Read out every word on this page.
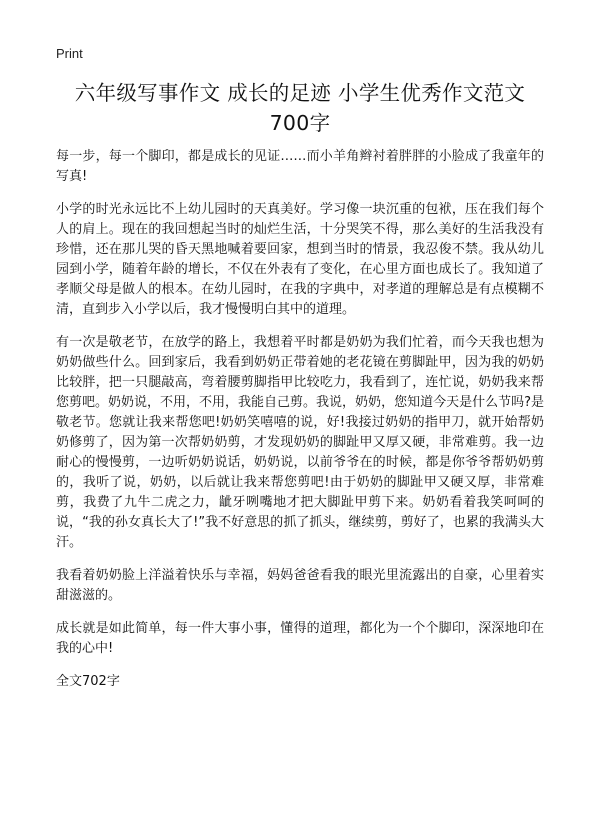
Print
六年级写事作文 成长的足迹 小学生优秀作文范文700字

每一步，每一个脚印，都是成长的见证……而小羊角辫衬着胖胖的小脸成了我童年的写真!

小学的时光永远比不上幼儿园时的天真美好。学习像一块沉重的包袱，压在我们每个人的肩上。现在的我回想起当时的灿烂生活，十分哭笑不得，那么美好的生活我没有珍惜，还在那儿哭的昏天黑地喊着要回家，想到当时的情景，我忍俊不禁。我从幼儿园到小学，随着年龄的增长，不仅在外表有了变化，在心里方面也成长了。我知道了孝顺父母是做人的根本。在幼儿园时，在我的字典中，对孝道的理解总是有点模糊不清，直到步入小学以后，我才慢慢明白其中的道理。

有一次是敬老节，在放学的路上，我想着平时都是奶奶为我们忙着，而今天我也想为奶奶做些什么。回到家后，我看到奶奶正带着她的老花镜在剪脚趾甲，因为我的奶奶比较胖，把一只腿敲高，弯着腰剪脚指甲比较吃力，我看到了，连忙说，奶奶我来帮您剪吧。奶奶说，不用，不用，我能自己剪。我说，奶奶，您知道今天是什么节吗?是敬老节。您就让我来帮您吧!奶奶笑嘻嘻的说，好!我接过奶奶的指甲刀，就开始帮奶奶修剪了，因为第一次帮奶奶剪，才发现奶奶的脚趾甲又厚又硬，非常难剪。我一边耐心的慢慢剪，一边听奶奶说话，奶奶说，以前爷爷在的时候，都是你爷爷帮奶奶剪的，我听了说，奶奶，以后就让我来帮您剪吧!由于奶奶的脚趾甲又硬又厚，非常难剪，我费了九牛二虎之力，龇牙咧嘴地才把大脚趾甲剪下来。奶奶看着我笑呵呵的说，“我的孙女真长大了!”我不好意思的抓了抓头，继续剪，剪好了，也累的我满头大汗。

我看着奶奶脸上洋溢着快乐与幸福，妈妈爸爸看我的眼光里流露出的自豪，心里着实甜滋滋的。

成长就是如此简单，每一件大事小事，懂得的道理，都化为一个个脚印，深深地印在我的心中!

全文702字
